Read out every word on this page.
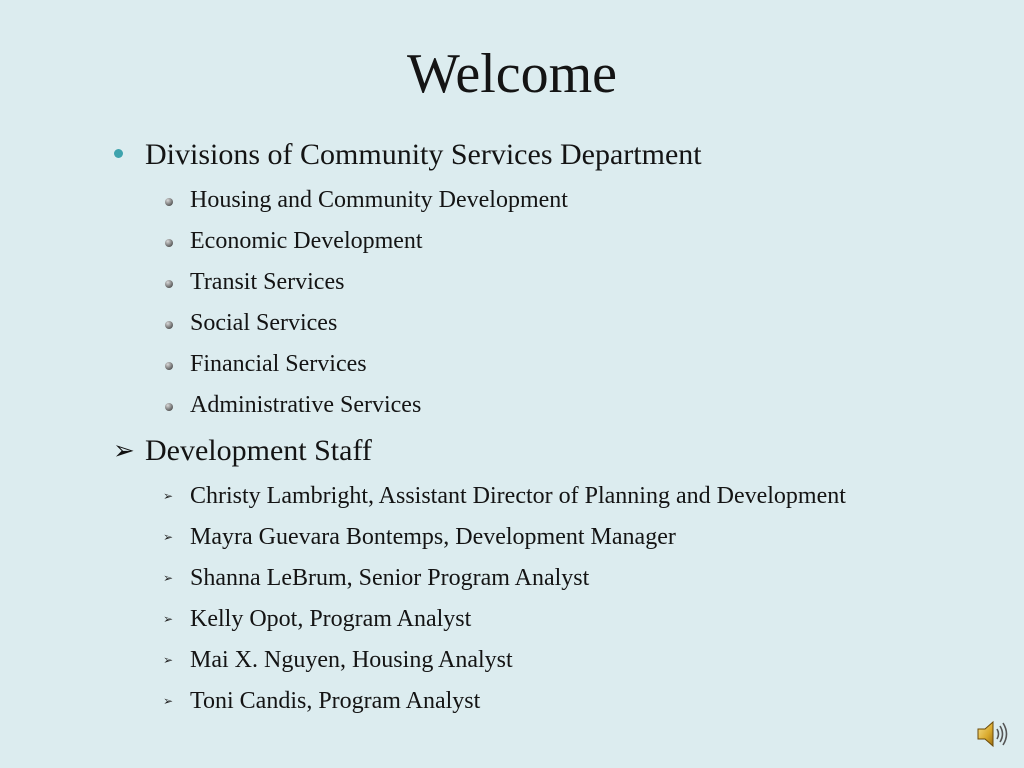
Welcome
Divisions of Community Services Department
Housing and Community Development
Economic Development
Transit Services
Social Services
Financial Services
Administrative Services
➢ Development Staff
➢ Christy Lambright, Assistant Director of Planning and Development
➢ Mayra Guevara Bontemps, Development Manager
➢ Shanna LeBrum, Senior Program Analyst
➢ Kelly Opot, Program Analyst
➢ Mai X. Nguyen, Housing Analyst
➢ Toni Candis, Program Analyst
